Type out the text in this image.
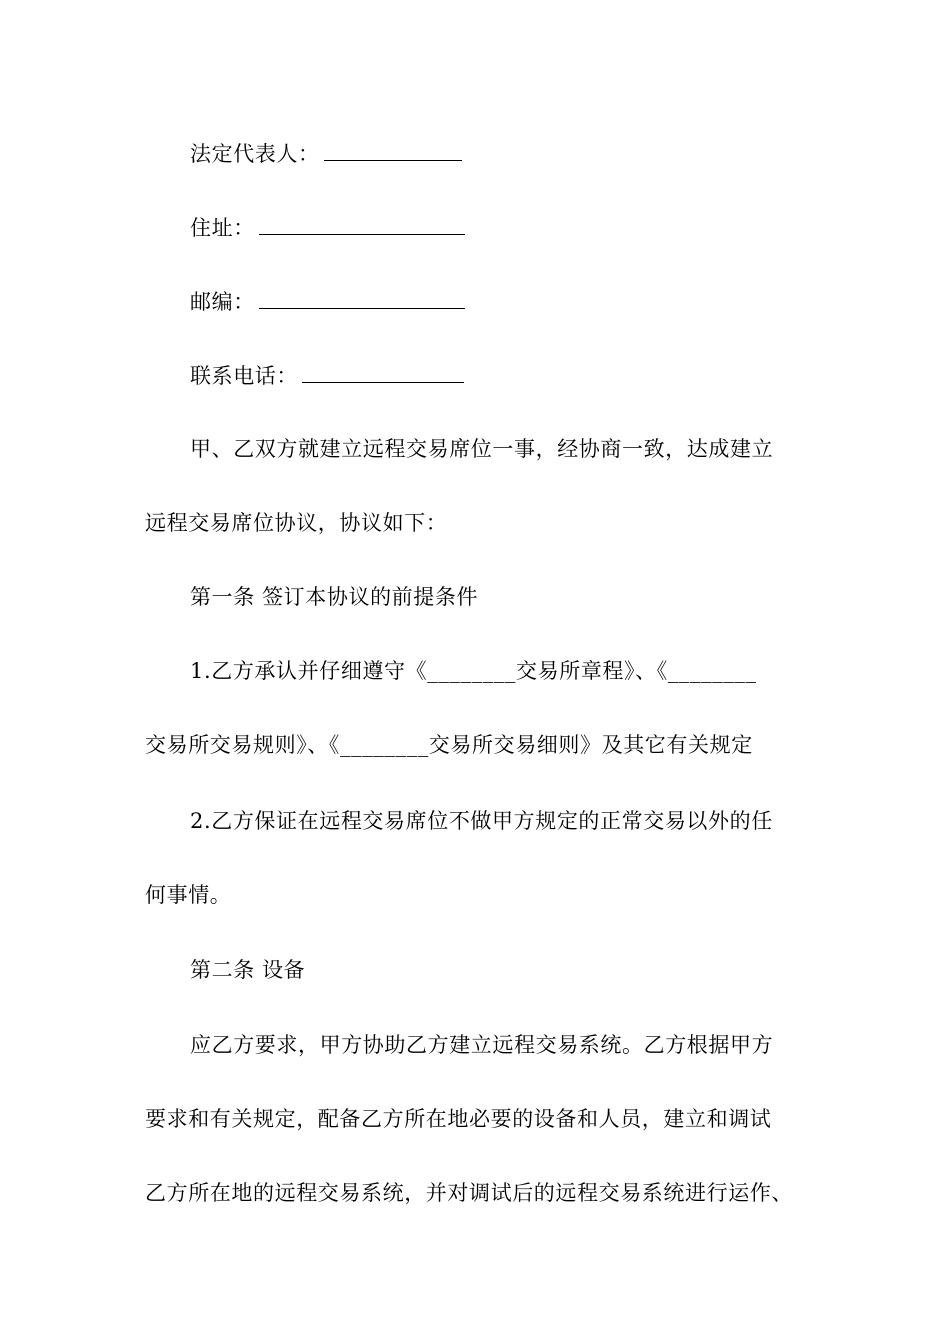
法定代表人：
住址：
邮编：
联系电话：
甲、乙双方就建立远程交易席位一事，经协商一致，达成建立
远程交易席位协议，协议如下：
第一条 签订本协议的前提条件
1.乙方承认并仔细遵守《________交易所章程》、《________
交易所交易规则》、《________交易所交易细则》及其它有关规定
2.乙方保证在远程交易席位不做甲方规定的正常交易以外的任
何事情。
第二条 设备
应乙方要求，甲方协助乙方建立远程交易系统。乙方根据甲方
要求和有关规定，配备乙方所在地必要的设备和人员，建立和调试
乙方所在地的远程交易系统，并对调试后的远程交易系统进行运作、
